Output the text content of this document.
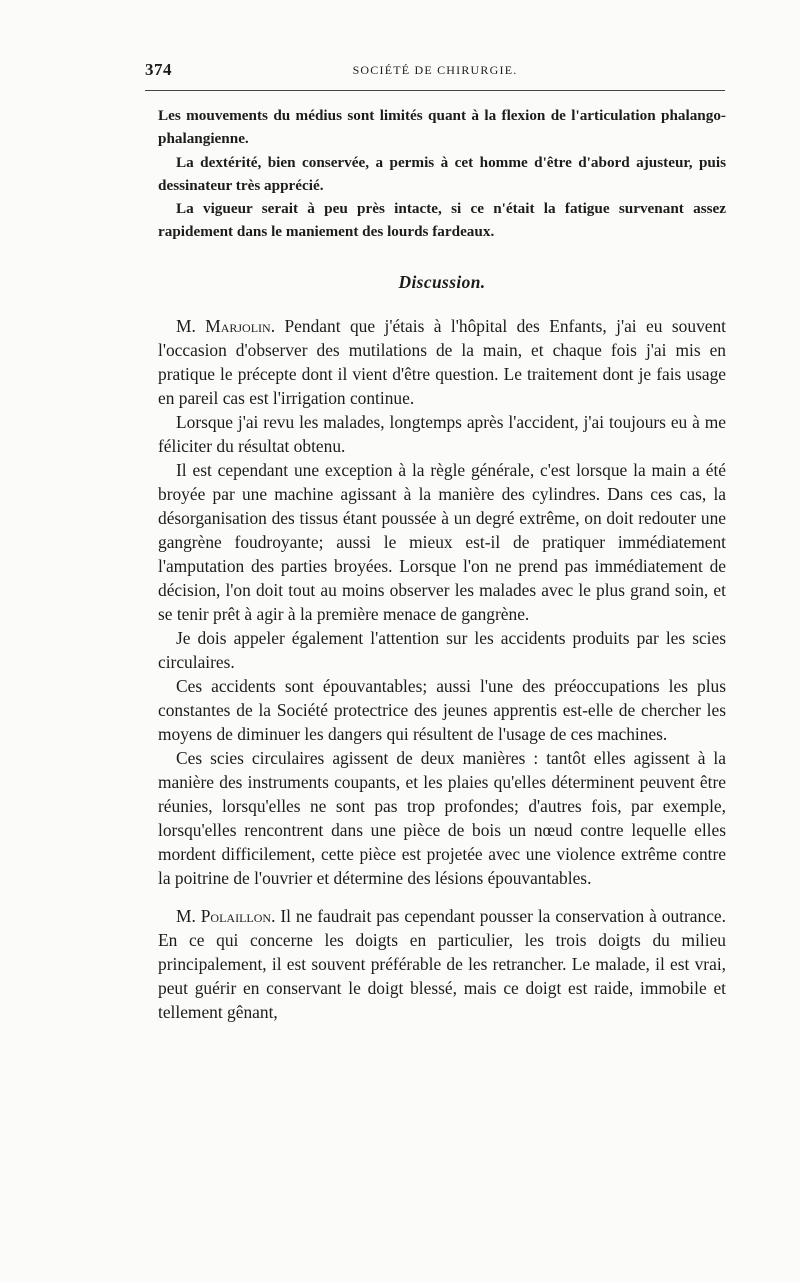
374	SOCIÉTÉ DE CHIRURGIE.

Les mouvements du médius sont limités quant à la flexion de l'articulation phalango-phalangienne.

La dextérité, bien conservée, a permis à cet homme d'être d'abord ajusteur, puis dessinateur très apprécié.

La vigueur serait à peu près intacte, si ce n'était la fatigue survenant assez rapidement dans le maniement des lourds fardeaux.

Discussion.

M. Marjolin. Pendant que j'étais à l'hôpital des Enfants, j'ai eu souvent l'occasion d'observer des mutilations de la main, et chaque fois j'ai mis en pratique le précepte dont il vient d'être question. Le traitement dont je fais usage en pareil cas est l'irrigation continue.

Lorsque j'ai revu les malades, longtemps après l'accident, j'ai toujours eu à me féliciter du résultat obtenu.

Il est cependant une exception à la règle générale, c'est lorsque la main a été broyée par une machine agissant à la manière des cylindres. Dans ces cas, la désorganisation des tissus étant poussée à un degré extrême, on doit redouter une gangrène foudroyante; aussi le mieux est-il de pratiquer immédiatement l'amputation des parties broyées. Lorsque l'on ne prend pas immédiatement de décision, l'on doit tout au moins observer les malades avec le plus grand soin, et se tenir prêt à agir à la première menace de gangrène.

Je dois appeler également l'attention sur les accidents produits par les scies circulaires.

Ces accidents sont épouvantables; aussi l'une des préoccupations les plus constantes de la Société protectrice des jeunes apprentis est-elle de chercher les moyens de diminuer les dangers qui résultent de l'usage de ces machines.

Ces scies circulaires agissent de deux manières : tantôt elles agissent à la manière des instruments coupants, et les plaies qu'elles déterminent peuvent être réunies, lorsqu'elles ne sont pas trop profondes; d'autres fois, par exemple, lorsqu'elles rencontrent dans une pièce de bois un nœud contre lequelle elles mordent difficilement, cette pièce est projetée avec une violence extrême contre la poitrine de l'ouvrier et détermine des lésions épouvantables.

M. Polaillon. Il ne faudrait pas cependant pousser la conservation à outrance. En ce qui concerne les doigts en particulier, les trois doigts du milieu principalement, il est souvent préférable de les retrancher. Le malade, il est vrai, peut guérir en conservant le doigt blessé, mais ce doigt est raide, immobile et tellement gênant,
